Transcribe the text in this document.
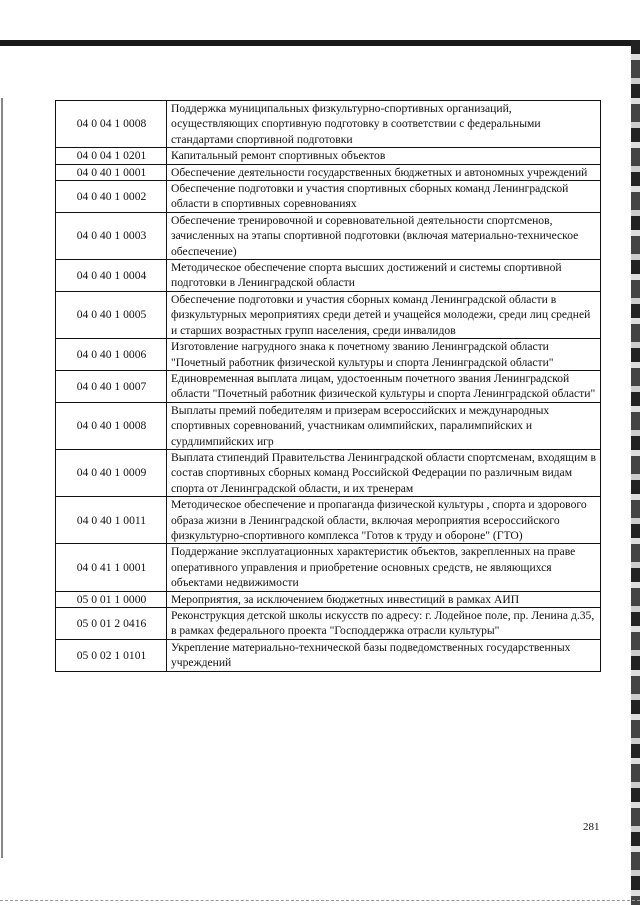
04 0 04 1 0008	Поддержка муниципальных физкультурно-спортивных организаций, осуществляющих спортивную подготовку в соответствии с федеральными стандартами спортивной подготовки
04 0 04 1 0201	Капитальный ремонт спортивных объектов
04 0 40 1 0001	Обеспечение деятельности государственных бюджетных и автономных учреждений
04 0 40 1 0002	Обеспечение подготовки и участия спортивных сборных команд Ленинградской области в спортивных соревнованиях
04 0 40 1 0003	Обеспечение тренировочной и соревновательной деятельности спортсменов, зачисленных на этапы спортивной подготовки (включая материально-техническое обеспечение)
04 0 40 1 0004	Методическое обеспечение спорта высших достижений и системы спортивной подготовки в Ленинградской области
04 0 40 1 0005	Обеспечение подготовки и участия сборных команд Ленинградской области в физкультурных мероприятиях среди детей и учащейся молодежи, среди лиц средней и старших возрастных групп населения, среди инвалидов
04 0 40 1 0006	Изготовление нагрудного знака к почетному званию Ленинградской области "Почетный работник физической культуры и спорта Ленинградской области"
04 0 40 1 0007	Единовременная выплата лицам, удостоенным почетного звания Ленинградской области "Почетный работник физической культуры и спорта Ленинградской области"
04 0 40 1 0008	Выплаты премий победителям и призерам всероссийских и международных спортивных соревнований, участникам олимпийских, паралимпийских и сурдлимпийских игр
04 0 40 1 0009	Выплата стипендий Правительства Ленинградской области спортсменам, входящим в состав спортивных сборных команд Российской Федерации по различным видам спорта от Ленинградской области, и их тренерам
04 0 40 1 0011	Методическое обеспечение и пропаганда физической культуры , спорта и здорового образа жизни в Ленинградской области, включая мероприятия всероссийского физкультурно-спортивного комплекса "Готов к труду и обороне" (ГТО)
04 0 41 1 0001	Поддержание эксплуатационных характеристик объектов, закрепленных на праве оперативного управления и приобретение основных средств, не являющихся объектами недвижимости
05 0 01 1 0000	Мероприятия, за исключением бюджетных инвестиций в рамках АИП
05 0 01 2 0416	Реконструкция детской школы искусств по адресу: г. Лодейное поле, пр. Ленина д.35, в рамках федерального проекта "Господдержка отрасли культуры"
05 0 02 1 0101	Укрепление материально-технической базы подведомственных государственных учреждений
281
